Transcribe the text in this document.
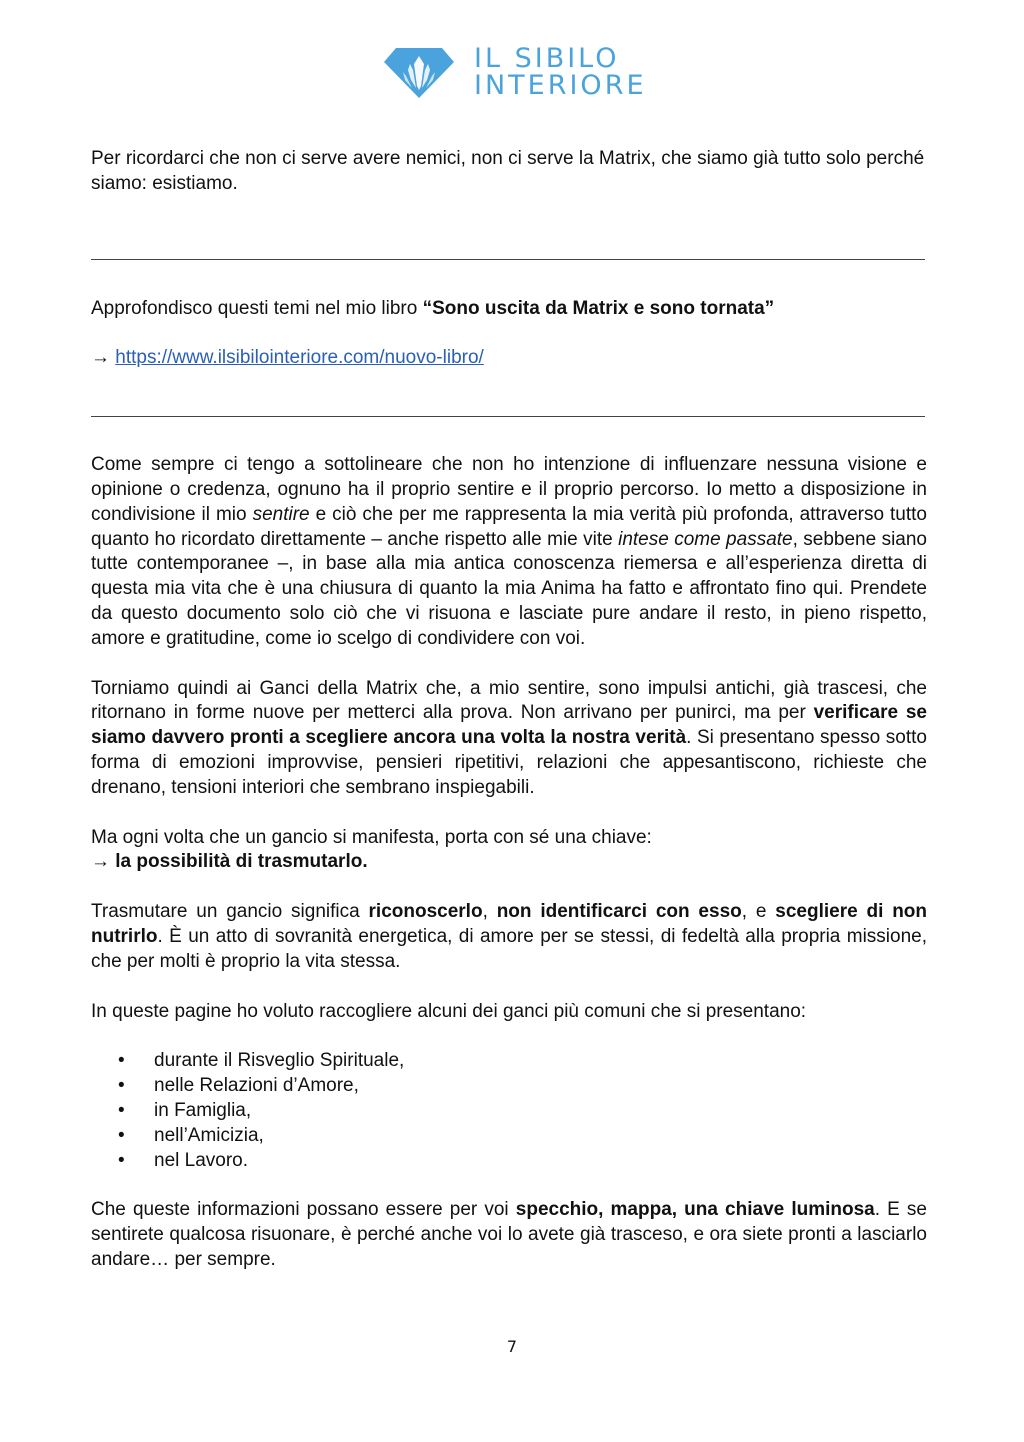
IL SIBILO
INTERIORE

Per ricordarci che non ci serve avere nemici, non ci serve la Matrix, che siamo già tutto solo perché siamo: esistiamo.

Approfondisco questi temi nel mio libro “Sono uscita da Matrix e sono tornata”

→ https://www.ilsibilointeriore.com/nuovo-libro/

Come sempre ci tengo a sottolineare che non ho intenzione di influenzare nessuna visione e opinione o credenza, ognuno ha il proprio sentire e il proprio percorso. Io metto a disposizione in condivisione il mio sentire e ciò che per me rappresenta la mia verità più profonda, attraverso tutto quanto ho ricordato direttamente – anche rispetto alle mie vite intese come passate, sebbene siano tutte contemporanee –, in base alla mia antica conoscenza riemersa e all’esperienza diretta di questa mia vita che è una chiusura di quanto la mia Anima ha fatto e affrontato fino qui. Prendete da questo documento solo ciò che vi risuona e lasciate pure andare il resto, in pieno rispetto, amore e gratitudine, come io scelgo di condividere con voi.

Torniamo quindi ai Ganci della Matrix che, a mio sentire, sono impulsi antichi, già trascesi, che ritornano in forme nuove per metterci alla prova. Non arrivano per punirci, ma per verificare se siamo davvero pronti a scegliere ancora una volta la nostra verità. Si presentano spesso sotto forma di emozioni improvvise, pensieri ripetitivi, relazioni che appesantiscono, richieste che drenano, tensioni interiori che sembrano inspiegabili.

Ma ogni volta che un gancio si manifesta, porta con sé una chiave:

→ la possibilità di trasmutarlo.

Trasmutare un gancio significa riconoscerlo, non identificarci con esso, e scegliere di non nutrirlo. È un atto di sovranità energetica, di amore per se stessi, di fedeltà alla propria missione, che per molti è proprio la vita stessa.

In queste pagine ho voluto raccogliere alcuni dei ganci più comuni che si presentano:

•	durante il Risveglio Spirituale,
•	nelle Relazioni d’Amore,
•	in Famiglia,
•	nell’Amicizia,
•	nel Lavoro.

Che queste informazioni possano essere per voi specchio, mappa, una chiave luminosa. E se sentirete qualcosa risuonare, è perché anche voi lo avete già trasceso, e ora siete pronti a lasciarlo andare… per sempre.

7
